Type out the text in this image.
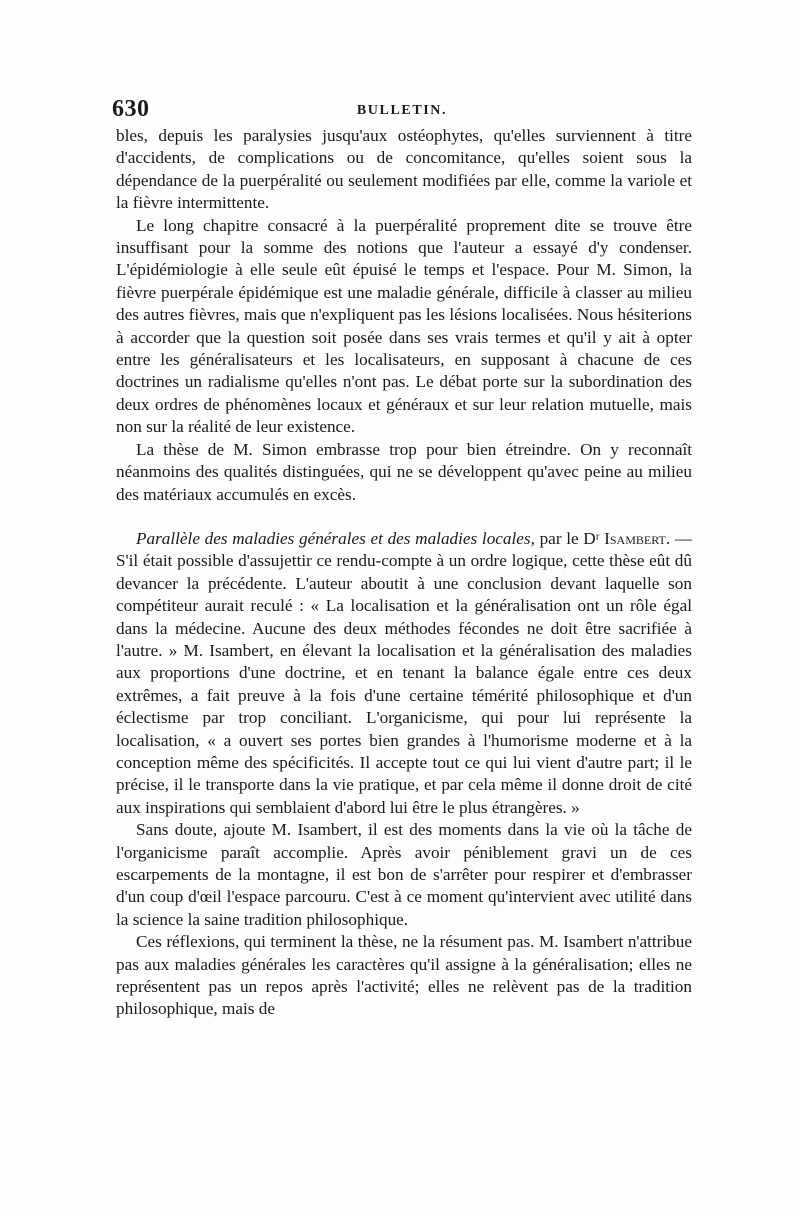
630	BULLETIN.

bles, depuis les paralysies jusqu'aux ostéophytes, qu'elles surviennent à titre d'accidents, de complications ou de concomitance, qu'elles soient sous la dépendance de la puerpéralité ou seulement modifiées par elle, comme la variole et la fièvre intermittente.

Le long chapitre consacré à la puerpéralité proprement dite se trouve être insuffisant pour la somme des notions que l'auteur a essayé d'y condenser. L'épidémiologie à elle seule eût épuisé le temps et l'espace. Pour M. Simon, la fièvre puerpérale épidémique est une maladie générale, difficile à classer au milieu des autres fièvres, mais que n'expliquent pas les lésions localisées. Nous hésiterions à accorder que la question soit posée dans ses vrais termes et qu'il y ait à opter entre les généralisateurs et les localisateurs, en supposant à chacune de ces doctrines un radialisme qu'elles n'ont pas. Le débat porte sur la subordination des deux ordres de phénomènes locaux et généraux et sur leur relation mutuelle, mais non sur la réalité de leur existence.

La thèse de M. Simon embrasse trop pour bien étreindre. On y reconnaît néanmoins des qualités distinguées, qui ne se développent qu'avec peine au milieu des matériaux accumulés en excès.

Parallèle des maladies générales et des maladies locales, par le Dʳ Isambert. — S'il était possible d'assujettir ce rendu-compte à un ordre logique, cette thèse eût dû devancer la précédente. L'auteur aboutit à une conclusion devant laquelle son compétiteur aurait reculé : « La localisation et la généralisation ont un rôle égal dans la médecine. Aucune des deux méthodes fécondes ne doit être sacrifiée à l'autre. » M. Isambert, en élevant la localisation et la généralisation des maladies aux proportions d'une doctrine, et en tenant la balance égale entre ces deux extrêmes, a fait preuve à la fois d'une certaine témérité philosophique et d'un éclectisme par trop conciliant. L'organicisme, qui pour lui représente la localisation, « a ouvert ses portes bien grandes à l'humorisme moderne et à la conception même des spécificités. Il accepte tout ce qui lui vient d'autre part; il le précise, il le transporte dans la vie pratique, et par cela même il donne droit de cité aux inspirations qui semblaient d'abord lui être le plus étrangères. »

Sans doute, ajoute M. Isambert, il est des moments dans la vie où la tâche de l'organicisme paraît accomplie. Après avoir péniblement gravi un de ces escarpements de la montagne, il est bon de s'arrêter pour respirer et d'embrasser d'un coup d'œil l'espace parcouru. C'est à ce moment qu'intervient avec utilité dans la science la saine tradition philosophique.

Ces réflexions, qui terminent la thèse, ne la résument pas. M. Isambert n'attribue pas aux maladies générales les caractères qu'il assigne à la généralisation; elles ne représentent pas un repos après l'activité; elles ne relèvent pas de la tradition philosophique, mais de
